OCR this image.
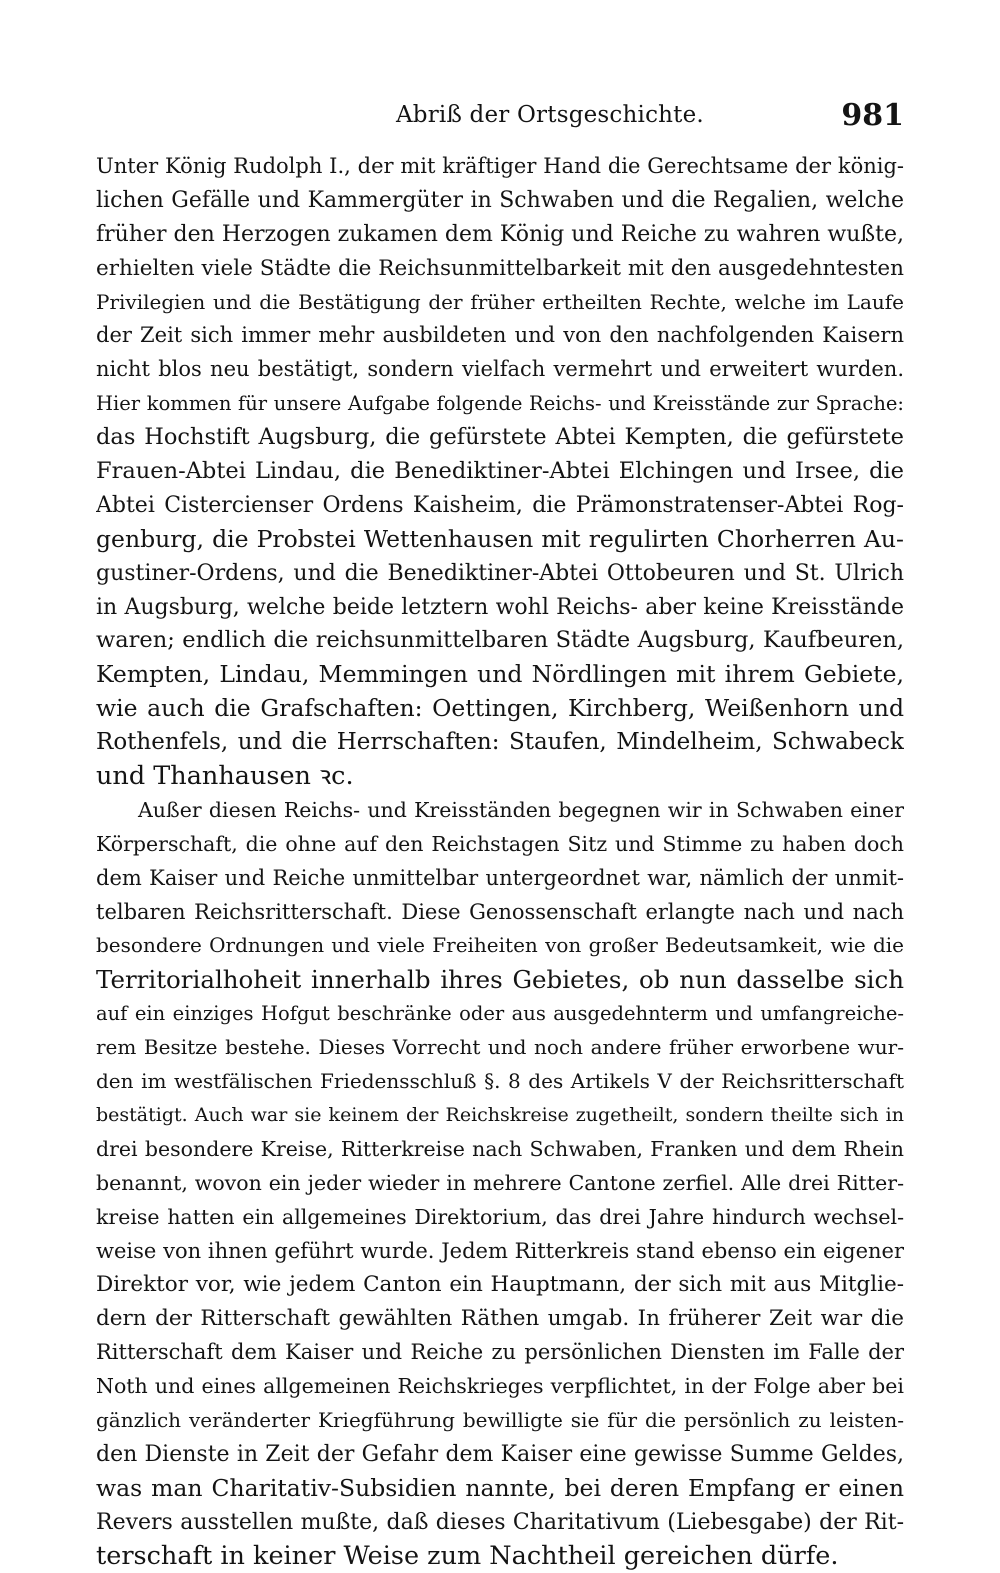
Abriß der Ortsgeschichte.	981
Unter König Rudolph I., der mit kräftiger Hand die Gerechtsame der könig-
lichen Gefälle und Kammergüter in Schwaben und die Regalien, welche
früher den Herzogen zukamen dem König und Reiche zu wahren wußte,
erhielten viele Städte die Reichsunmittelbarkeit mit den ausgedehntesten
Privilegien und die Bestätigung der früher ertheilten Rechte, welche im Laufe
der Zeit sich immer mehr ausbildeten und von den nachfolgenden Kaisern
nicht blos neu bestätigt, sondern vielfach vermehrt und erweitert wurden.
Hier kommen für unsere Aufgabe folgende Reichs- und Kreisstände zur Sprache:
das Hochstift Augsburg, die gefürstete Abtei Kempten, die gefürstete
Frauen-Abtei Lindau, die Benediktiner-Abtei Elchingen und Irsee, die
Abtei Cistercienser Ordens Kaisheim, die Prämonstratenser-Abtei Rog-
genburg, die Probstei Wettenhausen mit regulirten Chorherren Au-
gustiner-Ordens, und die Benediktiner-Abtei Ottobeuren und St. Ulrich
in Augsburg, welche beide letztern wohl Reichs- aber keine Kreisstände
waren; endlich die reichsunmittelbaren Städte Augsburg, Kaufbeuren,
Kempten, Lindau, Memmingen und Nördlingen mit ihrem Gebiete,
wie auch die Grafschaften: Oettingen, Kirchberg, Weißenhorn und
Rothenfels, und die Herrschaften: Staufen, Mindelheim, Schwabeck
und Thanhausen ꝛc.
Außer diesen Reichs- und Kreisständen begegnen wir in Schwaben einer
Körperschaft, die ohne auf den Reichstagen Sitz und Stimme zu haben doch
dem Kaiser und Reiche unmittelbar untergeordnet war, nämlich der unmit-
telbaren Reichsritterschaft. Diese Genossenschaft erlangte nach und nach
besondere Ordnungen und viele Freiheiten von großer Bedeutsamkeit, wie die
Territorialhoheit innerhalb ihres Gebietes, ob nun dasselbe sich
auf ein einziges Hofgut beschränke oder aus ausgedehnterm und umfangreiche-
rem Besitze bestehe. Dieses Vorrecht und noch andere früher erworbene wur-
den im westfälischen Friedensschluß §. 8 des Artikels V der Reichsritterschaft
bestätigt. Auch war sie keinem der Reichskreise zugetheilt, sondern theilte sich in
drei besondere Kreise, Ritterkreise nach Schwaben, Franken und dem Rhein
benannt, wovon ein jeder wieder in mehrere Cantone zerfiel. Alle drei Ritter-
kreise hatten ein allgemeines Direktorium, das drei Jahre hindurch wechsel-
weise von ihnen geführt wurde. Jedem Ritterkreis stand ebenso ein eigener
Direktor vor, wie jedem Canton ein Hauptmann, der sich mit aus Mitglie-
dern der Ritterschaft gewählten Räthen umgab. In früherer Zeit war die
Ritterschaft dem Kaiser und Reiche zu persönlichen Diensten im Falle der
Noth und eines allgemeinen Reichskrieges verpflichtet, in der Folge aber bei
gänzlich veränderter Kriegführung bewilligte sie für die persönlich zu leisten-
den Dienste in Zeit der Gefahr dem Kaiser eine gewisse Summe Geldes,
was man Charitativ-Subsidien nannte, bei deren Empfang er einen
Revers ausstellen mußte, daß dieses Charitativum (Liebesgabe) der Rit-
terschaft in keiner Weise zum Nachtheil gereichen dürfe.
